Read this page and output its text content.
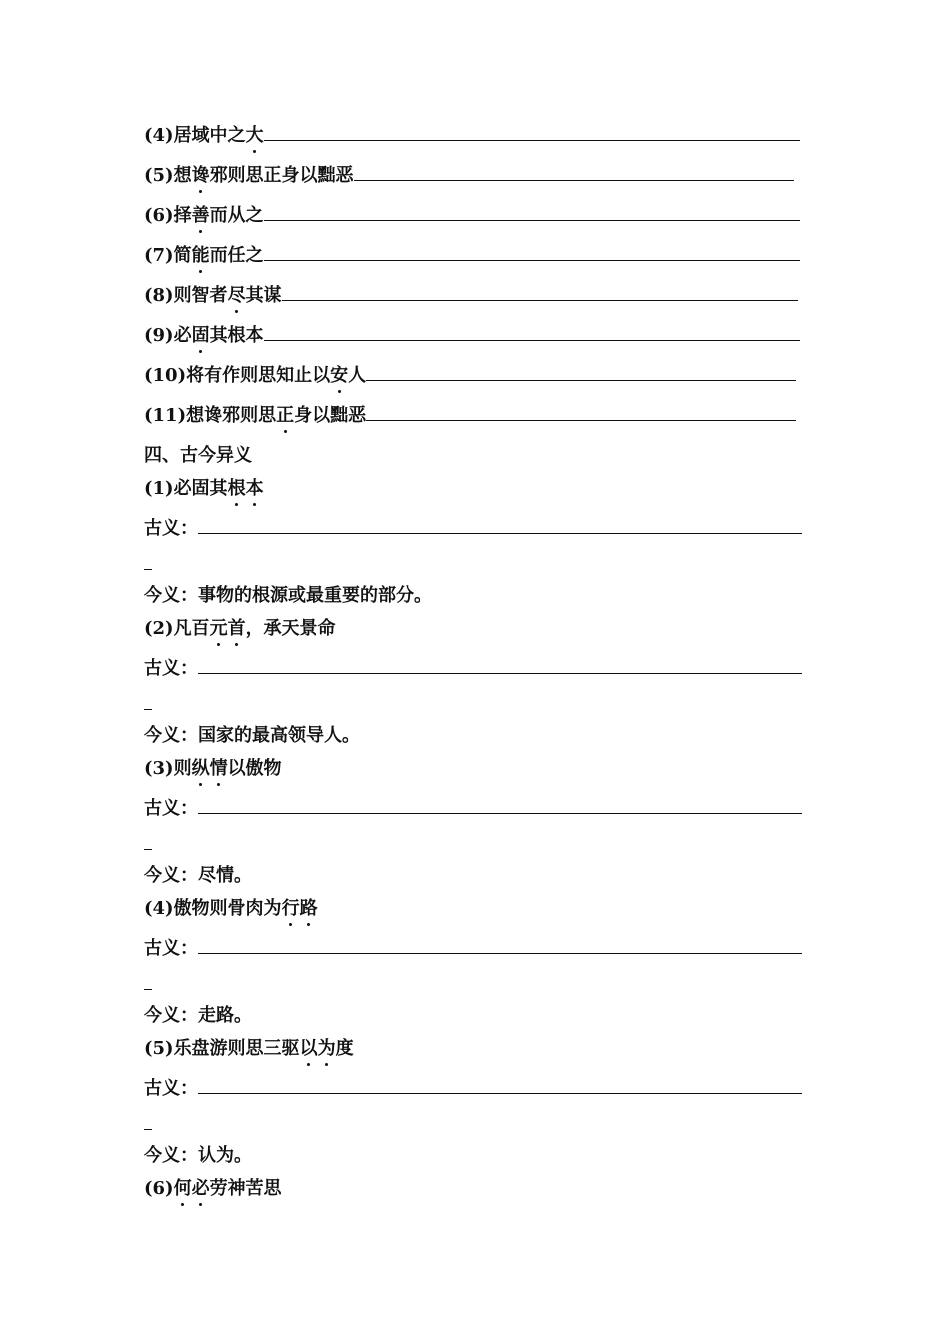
(4)居域中之大
(5)想谗邪则思正身以黜恶
(6)择善而从之
(7)简能而任之
(8)则智者尽其谋
(9)必固其根本
(10)将有作则思知止以安人
(11)想谗邪则思正身以黜恶
四、古今异义
(1)必固其根本
古义：
今义：事物的根源或最重要的部分。
(2)凡百元首，承天景命
古义：
今义：国家的最高领导人。
(3)则纵情以傲物
古义：
今义：尽情。
(4)傲物则骨肉为行路
古义：
今义：走路。
(5)乐盘游则思三驱以为度
古义：
今义：认为。
(6)何必劳神苦思
